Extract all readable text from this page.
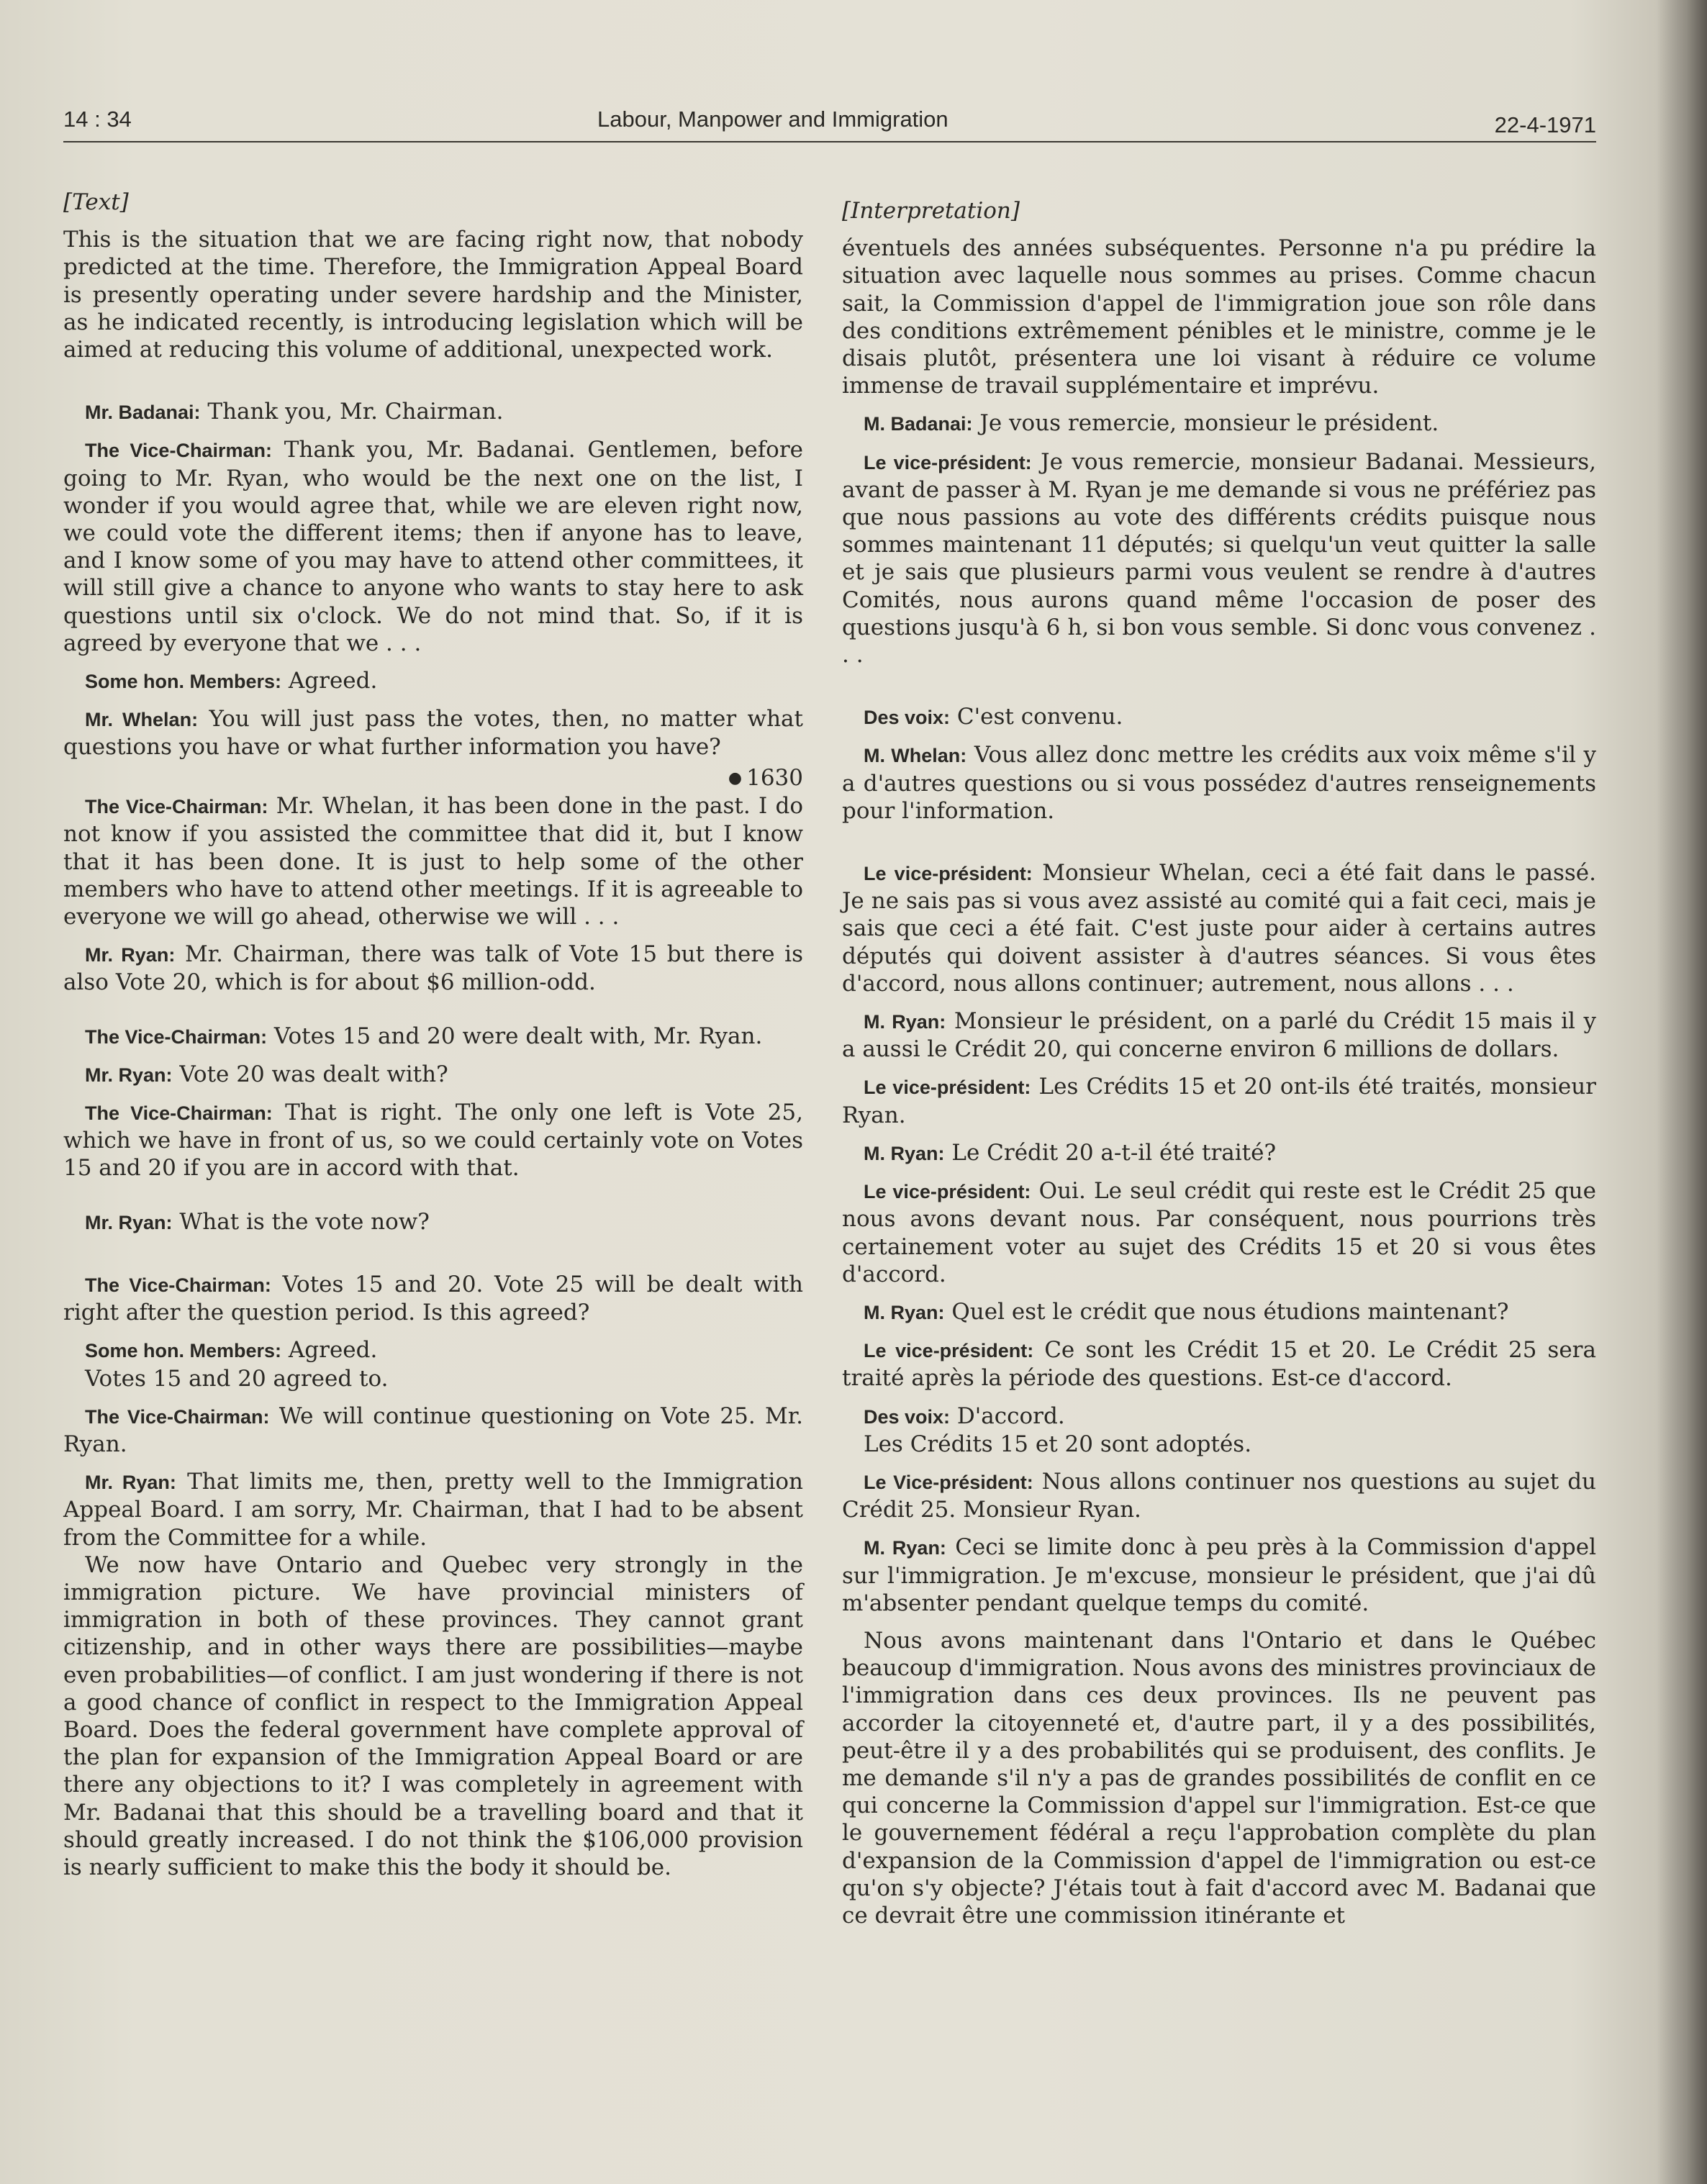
14 : 34	Labour, Manpower and Immigration	22-4-1971

[Text]

This is the situation that we are facing right now, that nobody predicted at the time. Therefore, the Immigration Appeal Board is presently operating under severe hardship and the Minister, as he indicated recently, is introducing legislation which will be aimed at reducing this volume of additional, unexpected work.

Mr. Badanai: Thank you, Mr. Chairman.

The Vice-Chairman: Thank you, Mr. Badanai. Gentlemen, before going to Mr. Ryan, who would be the next one on the list, I wonder if you would agree that, while we are eleven right now, we could vote the different items; then if anyone has to leave, and I know some of you may have to attend other committees, it will still give a chance to anyone who wants to stay here to ask questions until six o'clock. We do not mind that. So, if it is agreed by everyone that we . . .

Some hon. Members: Agreed.

Mr. Whelan: You will just pass the votes, then, no matter what questions you have or what further information you have?

● 1630

The Vice-Chairman: Mr. Whelan, it has been done in the past. I do not know if you assisted the committee that did it, but I know that it has been done. It is just to help some of the other members who have to attend other meetings. If it is agreeable to everyone we will go ahead, otherwise we will . . .

Mr. Ryan: Mr. Chairman, there was talk of Vote 15 but there is also Vote 20, which is for about $6 million-odd.

The Vice-Chairman: Votes 15 and 20 were dealt with, Mr. Ryan.

Mr. Ryan: Vote 20 was dealt with?

The Vice-Chairman: That is right. The only one left is Vote 25, which we have in front of us, so we could certainly vote on Votes 15 and 20 if you are in accord with that.

Mr. Ryan: What is the vote now?

The Vice-Chairman: Votes 15 and 20. Vote 25 will be dealt with right after the question period. Is this agreed?

Some hon. Members: Agreed.

Votes 15 and 20 agreed to.

The Vice-Chairman: We will continue questioning on Vote 25. Mr. Ryan.

Mr. Ryan: That limits me, then, pretty well to the Immigration Appeal Board. I am sorry, Mr. Chairman, that I had to be absent from the Committee for a while.

We now have Ontario and Quebec very strongly in the immigration picture. We have provincial ministers of immigration in both of these provinces. They cannot grant citizenship, and in other ways there are possibilities—maybe even probabilities—of conflict. I am just wondering if there is not a good chance of conflict in respect to the Immigration Appeal Board. Does the federal government have complete approval of the plan for expansion of the Immigration Appeal Board or are there any objections to it? I was completely in agreement with Mr. Badanai that this should be a travelling board and that it should greatly increased. I do not think the $106,000 provision is nearly sufficient to make this the body it should be.

[Interpretation]

éventuels des années subséquentes. Personne n'a pu prédire la situation avec laquelle nous sommes au prises. Comme chacun sait, la Commission d'appel de l'immigration joue son rôle dans des conditions extrêmement pénibles et le ministre, comme je le disais plutôt, présentera une loi visant à réduire ce volume immense de travail supplémentaire et imprévu.

M. Badanai: Je vous remercie, monsieur le président.

Le vice-président: Je vous remercie, monsieur Badanai. Messieurs, avant de passer à M. Ryan je me demande si vous ne préfériez pas que nous passions au vote des différents crédits puisque nous sommes maintenant 11 députés; si quelqu'un veut quitter la salle et je sais que plusieurs parmi vous veulent se rendre à d'autres Comités, nous aurons quand même l'occasion de poser des questions jusqu'à 6 h, si bon vous semble. Si donc vous convenez . . .

Des voix: C'est convenu.

M. Whelan: Vous allez donc mettre les crédits aux voix même s'il y a d'autres questions ou si vous possédez d'autres renseignements pour l'information.

Le vice-président: Monsieur Whelan, ceci a été fait dans le passé. Je ne sais pas si vous avez assisté au comité qui a fait ceci, mais je sais que ceci a été fait. C'est juste pour aider à certains autres députés qui doivent assister à d'autres séances. Si vous êtes d'accord, nous allons continuer; autrement, nous allons . . .

M. Ryan: Monsieur le président, on a parlé du Crédit 15 mais il y a aussi le Crédit 20, qui concerne environ 6 millions de dollars.

Le vice-président: Les Crédits 15 et 20 ont-ils été traités, monsieur Ryan.

M. Ryan: Le Crédit 20 a-t-il été traité?

Le vice-président: Oui. Le seul crédit qui reste est le Crédit 25 que nous avons devant nous. Par conséquent, nous pourrions très certainement voter au sujet des Crédits 15 et 20 si vous êtes d'accord.

M. Ryan: Quel est le crédit que nous étudions maintenant?

Le vice-président: Ce sont les Crédit 15 et 20. Le Crédit 25 sera traité après la période des questions. Est-ce d'accord.

Des voix: D'accord.

Les Crédits 15 et 20 sont adoptés.

Le Vice-président: Nous allons continuer nos questions au sujet du Crédit 25. Monsieur Ryan.

M. Ryan: Ceci se limite donc à peu près à la Commission d'appel sur l'immigration. Je m'excuse, monsieur le président, que j'ai dû m'absenter pendant quelque temps du comité.

Nous avons maintenant dans l'Ontario et dans le Québec beaucoup d'immigration. Nous avons des ministres provinciaux de l'immigration dans ces deux provinces. Ils ne peuvent pas accorder la citoyenneté et, d'autre part, il y a des possibilités, peut-être il y a des probabilités qui se produisent, des conflits. Je me demande s'il n'y a pas de grandes possibilités de conflit en ce qui concerne la Commission d'appel sur l'immigration. Est-ce que le gouvernement fédéral a reçu l'approbation complète du plan d'expansion de la Commission d'appel de l'immigration ou est-ce qu'on s'y objecte? J'étais tout à fait d'accord avec M. Badanai que ce devrait être une commission itinérante et
